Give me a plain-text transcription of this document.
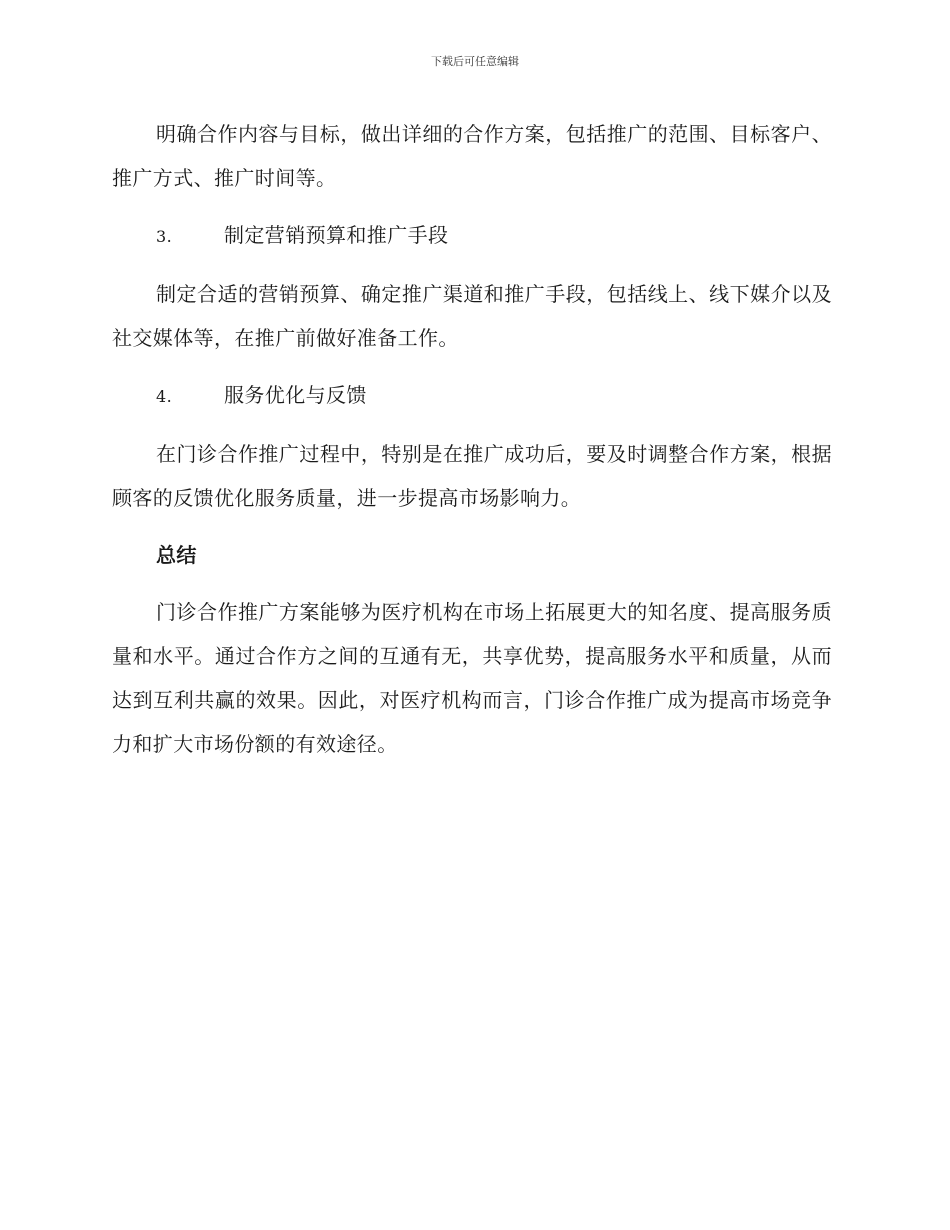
下载后可任意编辑

明确合作内容与目标，做出详细的合作方案，包括推广的范围、目标客户、推广方式、推广时间等。

3.	制定营销预算和推广手段

制定合适的营销预算、确定推广渠道和推广手段，包括线上、线下媒介以及社交媒体等，在推广前做好准备工作。

4.	服务优化与反馈

在门诊合作推广过程中，特别是在推广成功后，要及时调整合作方案，根据顾客的反馈优化服务质量，进一步提高市场影响力。

总结

门诊合作推广方案能够为医疗机构在市场上拓展更大的知名度、提高服务质量和水平。通过合作方之间的互通有无，共享优势，提高服务水平和质量，从而达到互利共赢的效果。因此，对医疗机构而言，门诊合作推广成为提高市场竞争力和扩大市场份额的有效途径。
